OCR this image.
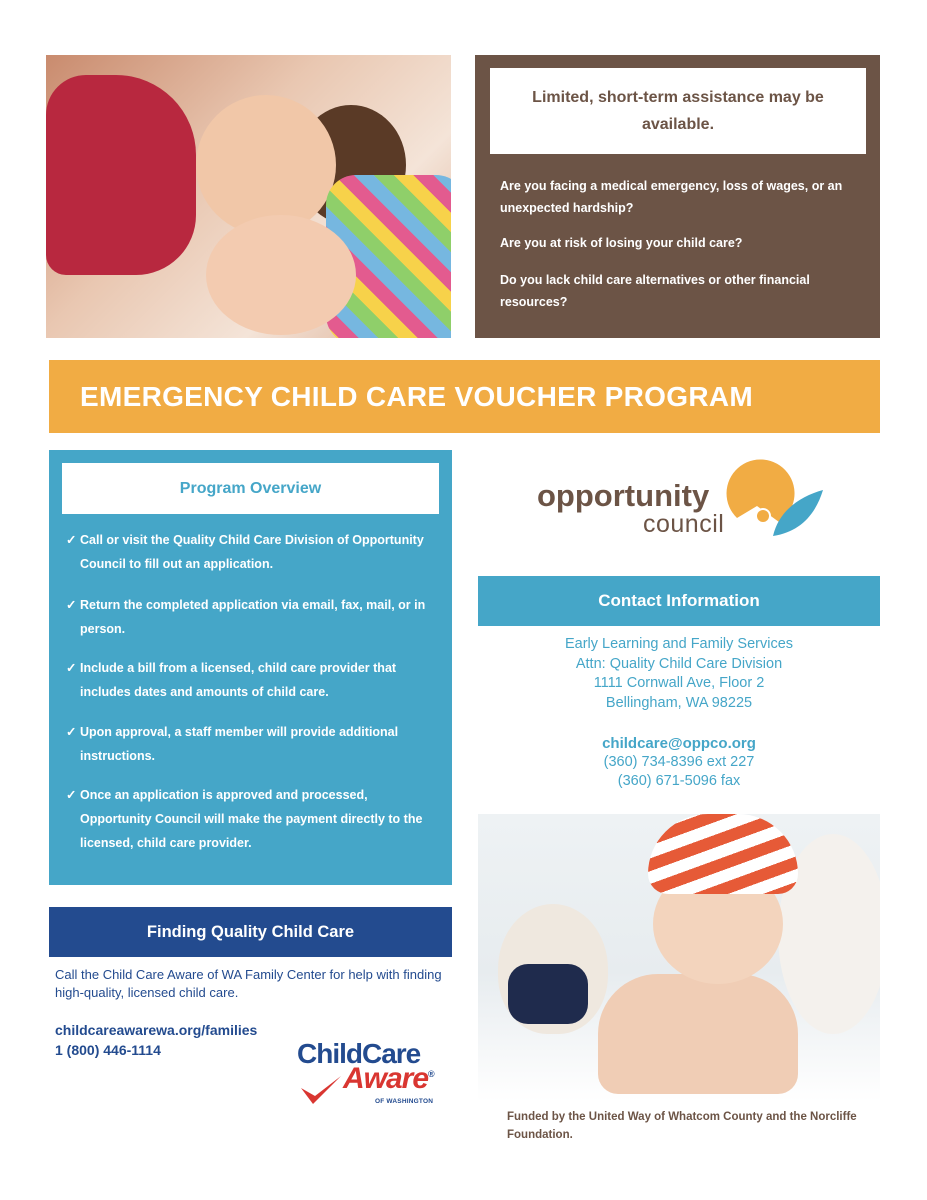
Limited, short-term assistance may be available.
Are you facing a medical emergency, loss of wages, or an unexpected hardship?
Are you at risk of losing your child care?
Do you lack child care alternatives or other financial resources?
EMERGENCY CHILD CARE VOUCHER PROGRAM
Program Overview
✓ Call or visit the Quality Child Care Division of Opportunity Council to fill out an application.
✓ Return the completed application via email, fax, mail, or in person.
✓ Include a bill from a licensed, child care provider that includes dates and amounts of child care.
✓ Upon approval, a staff member will provide additional instructions.
✓ Once an application is approved and processed, Opportunity Council will make the payment directly to the licensed, child care provider.
Finding Quality Child Care
Call the Child Care Aware of WA Family Center for help with finding high-quality, licensed child care.
childcareawarewa.org/families
1 (800) 446-1114	ChildCare
Aware®
OF WASHINGTON
opportunity
council
Contact Information
Early Learning and Family Services
Attn: Quality Child Care Division
1111 Cornwall Ave, Floor 2
Bellingham, WA 98225
childcare@oppco.org
(360) 734-8396 ext 227
(360) 671-5096 fax
Funded by the United Way of Whatcom County and the Norcliffe Foundation.
